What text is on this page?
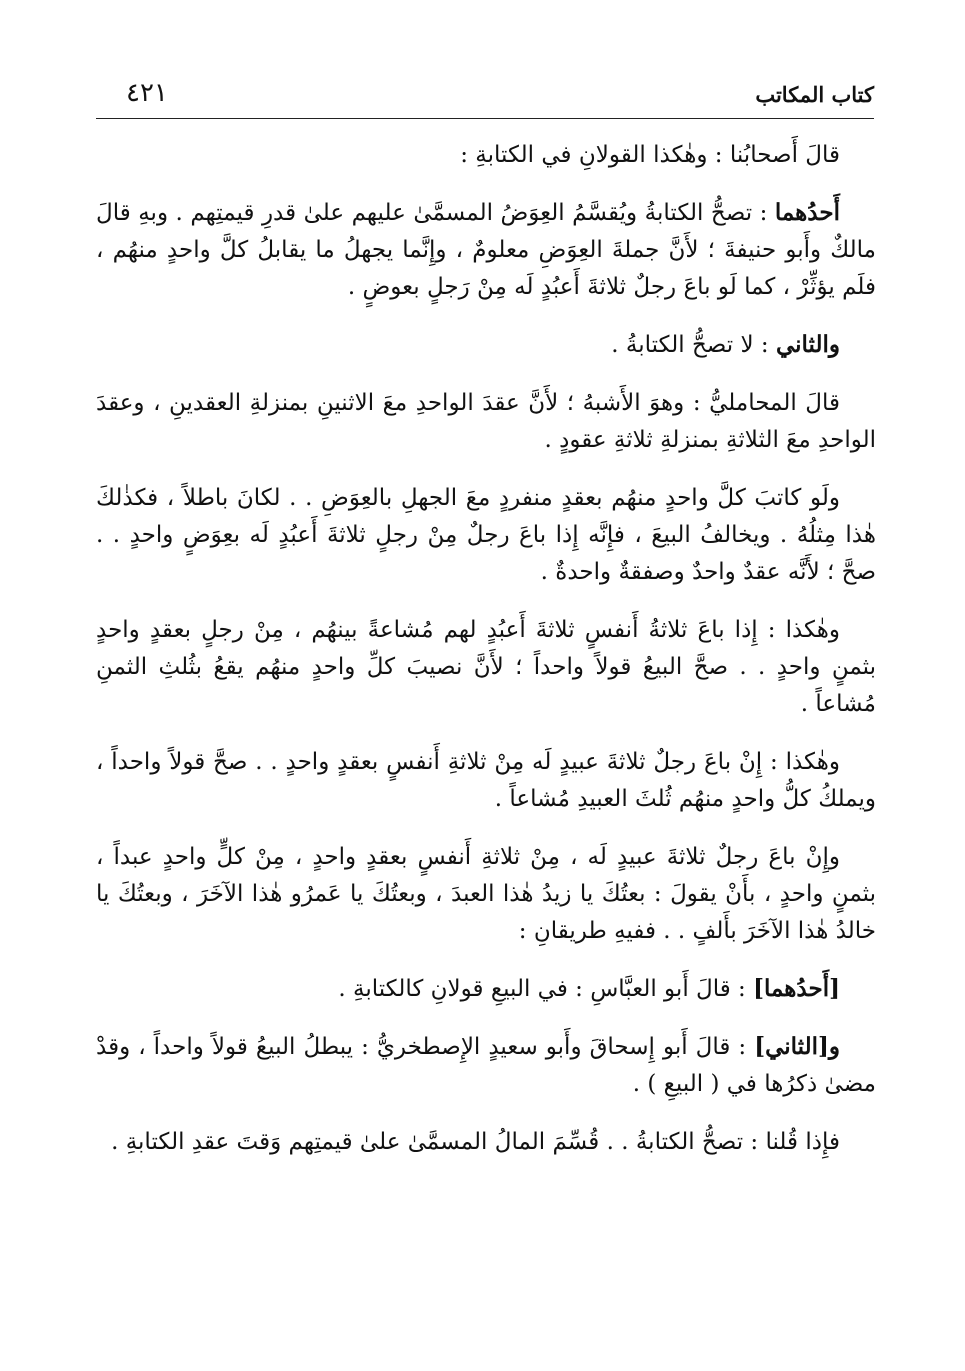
كتاب المكاتب
٤٢١

قالَ أَصحابُنا : وهٰكذا القولانِ في الكتابةِ :

أَحدُهما : تصحُّ الكتابةُ ويُقسَّمُ العِوَضُ المسمَّىٰ عليهم علىٰ قدرِ قيمتِهم . وبهِ قالَ مالكٌ وأَبو حنيفةَ ؛ لأَنَّ جملةَ العِوَضِ معلومٌ ، وإِنَّما يجهلُ ما يقابلُ كلَّ واحدٍ منهُم ، فلَم يؤثِّرْ ، كما لَو باعَ رجلٌ ثلاثةَ أَعبُدٍ لَه مِنْ رَجلٍ بعوضٍ .

والثاني : لا تصحُّ الكتابةُ .

قالَ المحامليُّ : وهوَ الأَشبهُ ؛ لأَنَّ عقدَ الواحدِ معَ الاثنينِ بمنزلةِ العقدينِ ، وعقدَ الواحدِ معَ الثلاثةِ بمنزلةِ ثلاثةِ عقودٍ .

ولَو كاتبَ كلَّ واحدٍ منهُم بعقدٍ منفردٍ معَ الجهلِ بالعِوَضِ . . لكانَ باطلاً ، فكذٰلكَ هٰذا مِثلُهُ . ويخالفُ البيعَ ، فإِنَّه إِذا باعَ رجلٌ مِنْ رجلٍ ثلاثةَ أَعبُدٍ لَه بعِوَضٍ واحدٍ . . صحَّ ؛ لأَنَّه عقدٌ واحدٌ وصفقةٌ واحدةٌ .

وهٰكذا : إِذا باعَ ثلاثةُ أَنفسٍ ثلاثةَ أَعبُدٍ لهم مُشاعةً بينهُم ، مِنْ رجلٍ بعقدٍ واحدٍ بثمنٍ واحدٍ . . صحَّ البيعُ قولاً واحداً ؛ لأَنَّ نصيبَ كلِّ واحدٍ منهُم يقعُ بثُلثِ الثمنِ مُشاعاً .

وهٰكذا : إِنْ باعَ رجلٌ ثلاثةَ عبيدٍ لَه مِنْ ثلاثةِ أَنفسٍ بعقدٍ واحدٍ . . صحَّ قولاً واحداً ، ويملكُ كلُّ واحدٍ منهُم ثُلثَ العبيدِ مُشاعاً .

وإِنْ باعَ رجلٌ ثلاثةَ عبيدٍ لَه ، مِنْ ثلاثةِ أَنفسٍ بعقدٍ واحدٍ ، مِنْ كلٍّ واحدٍ عبداً ، بثمنٍ واحدٍ ، بأَنْ يقولَ : بعتُكَ يا زيدُ هٰذا العبدَ ، وبعتُكَ يا عَمرُو هٰذا الآخَرَ ، وبعتُكَ يا خالدُ هٰذا الآخَرَ بأَلفٍ . . ففيهِ طريقانِ :

[أَحدُهما] : قالَ أَبو العبَّاسِ : في البيعِ قولانِ كالكتابةِ .

و[الثاني] : قالَ أَبو إِسحاقَ وأَبو سعيدٍ الإِصطخريُّ : يبطلُ البيعُ قولاً واحداً ، وقدْ مضىٰ ذكرُها في ( البيعِ ) .

فإِذا قُلنا : تصحُّ الكتابةُ . . قُسِّمَ المالُ المسمَّىٰ علىٰ قيمتِهم وَقتَ عقدِ الكتابةِ .
